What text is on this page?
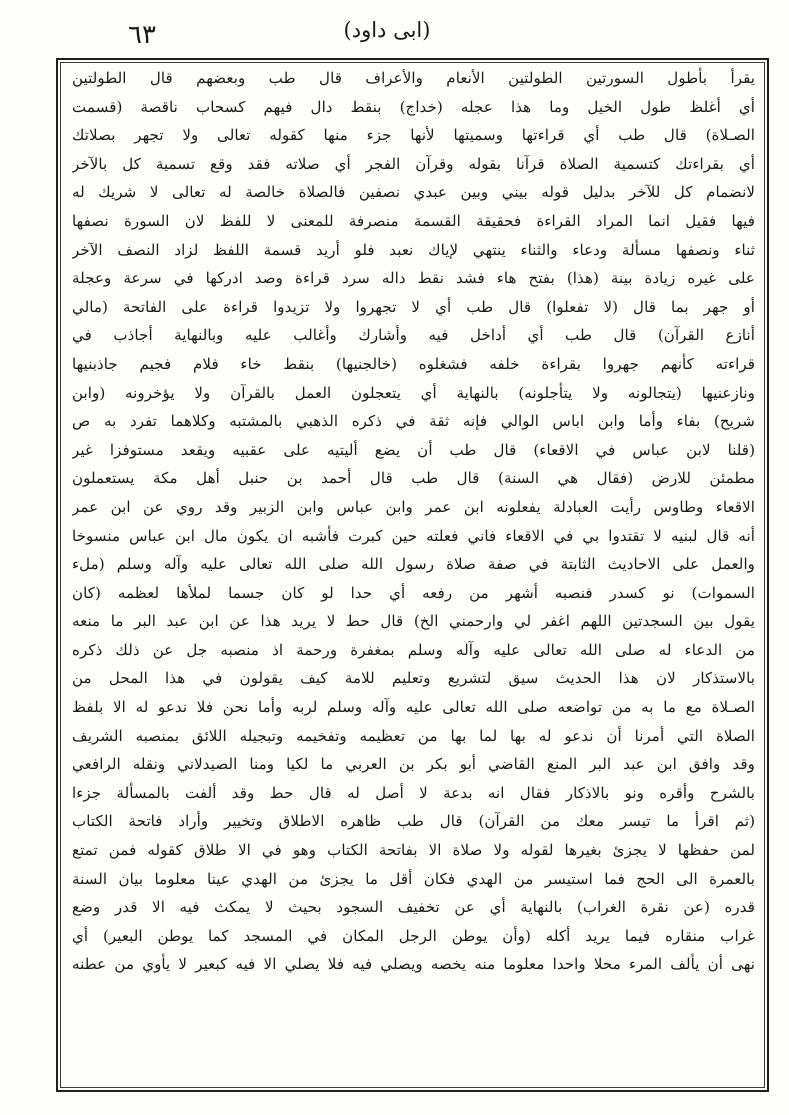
٦٣	(ابی داود)
يقرأ بأطول السورتين الطولتين الأنعام والأعراف قال طب وبعضهم قال الطولتين
أي أغلظ طول الخيل وما هذا عجله (خداج) بنقط دال فيهم كسحاب ناقصة (قسمت
الصـلاة) قال طب أي قراءتها وسميتها لأنها جزء منها كقوله تعالى ولا تجهر بصلاتك
أي بقراءتك كتسمية الصلاة قرآنا بقوله وقرآن الفجر أي صلاته فقد وقع تسمية كل بالآخر
لانضمام كل للآخر بدليل قوله بيني وبين عبدي نصفين فالصلاة خالصة له تعالى لا شريك له
فيها فقيل انما المراد القراءة فحقيقة القسمة منصرفة للمعنى لا للفظ لان السورة نصفها
ثناء ونصفها مسألة ودعاء والثناء ينتهي لإياك نعبد فلو أريد قسمة اللفظ لزاد النصف الآخر
على غيره زيادة بينة (هذا) بفتح هاء فشد نقط داله سرد قراءة وصد ادركها في سرعة وعجلة
أو جهر بما قال (لا تفعلوا) قال طب أي لا تجهروا ولا تزيدوا قراءة على الفاتحة (مالي
أنازع القرآن) قال طب أي أداخل فيه وأشارك وأغالب عليه وبالنهاية أجاذب في
قراءته كأنهم جهروا بقراءة خلفه فشغلوه (خالجنيها) بنقط خاء فلام فجيم جاذبنيها
ونازعنيها (يتجالونه ولا يتأجلونه) بالنهاية أي يتعجلون العمل بالقرآن ولا يؤخرونه (وابن
شريح) بفاء وأما وابن اباس الوالي فإنه ثقة في ذكره الذهبي بالمشتبه وكلاهما تفرد به ص
(قلنا لابن عباس في الاقعاء) قال طب أن يضع أليتيه على عقبيه ويقعد مستوفزا غير
مطمئن للارض (فقال هي السنة) قال طب قال أحمد بن حنبل أهل مكة يستعملون
الاقعاء وطاوس رأيت العبادلة يفعلونه ابن عمر وابن عباس وابن الزبير وقد روي عن ابن عمر
أنه قال لبنيه لا تقتدوا بي في الاقعاء فاني فعلته حين كبرت فأشبه ان يكون مال ابن عباس منسوخا
والعمل على الاحاديث الثابتة في صفة صلاة رسول الله صلى الله تعالى عليه وآله وسلم (ملء
السموات) نو كسدر فنصبه أشهر من رفعه أي حدا لو كان جسما لملأها لعظمه (كان
يقول بين السجدتين اللهم اغفر لي وارحمني الخ) قال حط لا يريد هذا عن ابن عبد البر ما منعه
من الدعاء له صلى الله تعالى عليه وآله وسلم بمغفرة ورحمة اذ منصبه جل عن ذلك ذكره
بالاستذكار لان هذا الحديث سيق لتشريع وتعليم للامة كيف يقولون في هذا المحل من
الصـلاة مع ما به من تواضعه صلى الله تعالى عليه وآله وسلم لربه وأما نحن فلا ندعو له الا بلفظ
الصلاة التي أمرنا أن ندعو له بها لما بها من تعظيمه وتفخيمه وتبجيله اللائق بمنصبه الشريف
وقد وافق ابن عبد البر المنع القاضي أبو بكر بن العربي ما لكيا ومنا الصيدلاني ونقله الرافعي
بالشرح وأقره ونو بالاذكار فقال انه بدعة لا أصل له قال حط وقد ألفت بالمسألة جزءا
(ثم اقرأ ما تيسر معك من القرآن) قال طب ظاهره الاطلاق وتخيير وأراد فاتحة الكتاب
لمن حفظها لا يجزئ بغيرها لقوله ولا صلاة الا بفاتحة الكتاب وهو في الا طلاق كقوله فمن تمتع
بالعمرة الى الحج فما استيسر من الهدي فكان أقل ما يجزئ من الهدي عينا معلوما بيان السنة
قدره (عن نقرة الغراب) بالنهاية أي عن تخفيف السجود بحيث لا يمكث فيه الا قدر وضع
غراب منقاره فيما يريد أكله (وأن يوطن الرجل المكان في المسجد كما يوطن البعير) أي
نهى أن يألف المرء محلا واحدا معلوما منه يخصه ويصلي فيه فلا يصلي الا فيه كبعير لا يأوي من عطنه
